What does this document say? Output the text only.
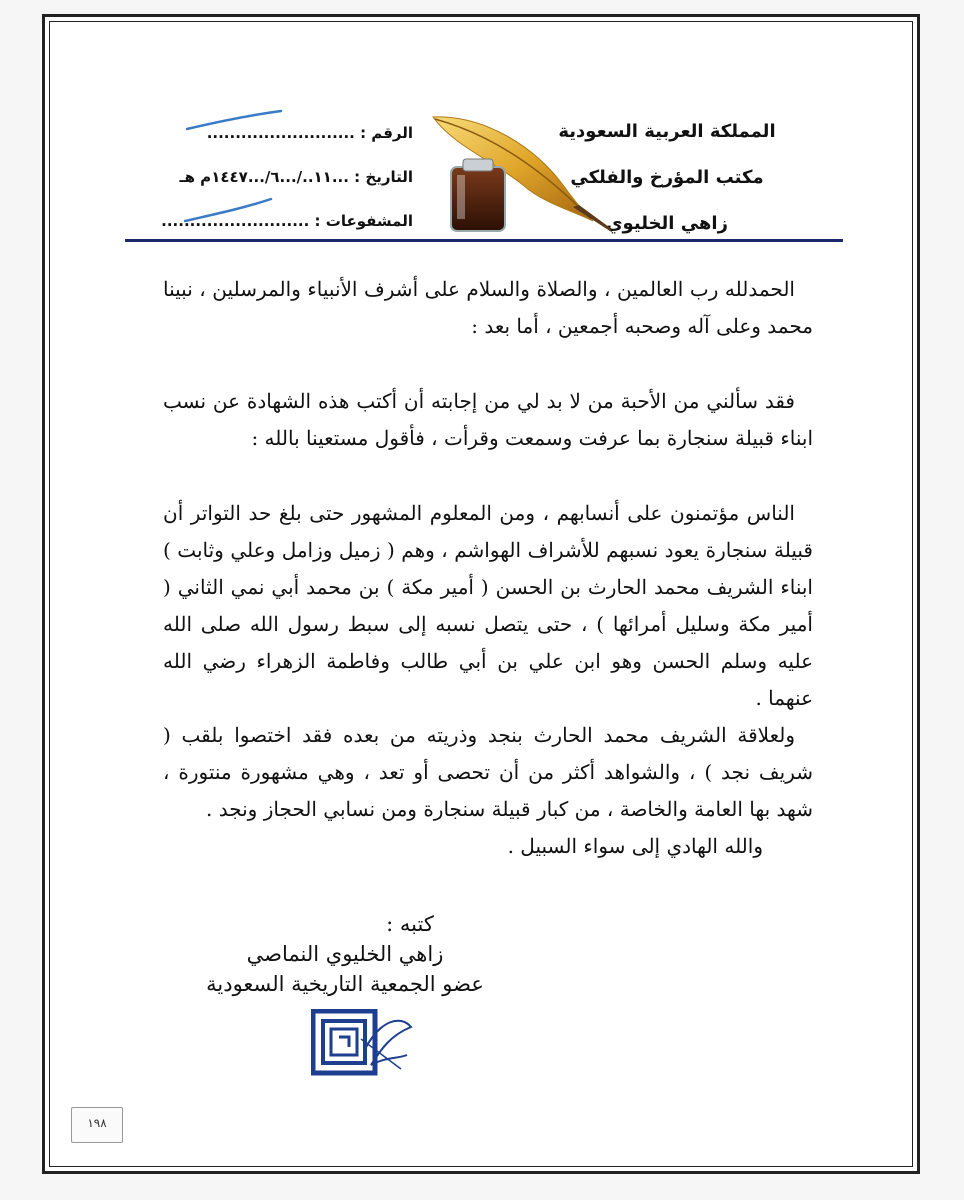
المملكة العربية السعودية
مكتب المؤرخ والفلكي
زاهي الخليوي
الرقم : ..........................
التاريخ : ...١١../...٦/...١٤٤٧م هـ
المشفوعات : ..........................

الحمدلله رب العالمين ، والصلاة والسلام على أشرف الأنبياء والمرسلين ، نبينا محمد وعلى آله وصحبه أجمعين ، أما بعد :

فقد سألني من الأحبة من لا بد لي من إجابته أن أكتب هذه الشهادة عن نسب ابناء قبيلة سنجارة بما عرفت وسمعت وقرأت ، فأقول مستعينا بالله :

الناس مؤتمنون على أنسابهم ، ومن المعلوم المشهور حتى بلغ حد التواتر أن قبيلة سنجارة يعود نسبهم للأشراف الهواشم ، وهم ( زميل وزامل وعلي وثابت ) ابناء الشريف محمد الحارث بن الحسن ( أمير مكة ) بن محمد أبي نمي الثاني ( أمير مكة وسليل أمرائها ) ، حتى يتصل نسبه إلى سبط رسول الله صلى الله عليه وسلم الحسن وهو ابن علي بن أبي طالب وفاطمة الزهراء رضي الله عنهما .

ولعلاقة الشريف محمد الحارث بنجد وذريته من بعده فقد اختصوا بلقب ( شريف نجد ) ، والشواهد أكثر من أن تحصى أو تعد ، وهي مشهورة منتورة ، شهد بها العامة والخاصة ، من كبار قبيلة سنجارة ومن نسابي الحجاز ونجد .

والله الهادي إلى سواء السبيل .

كتبه :
زاهي الخليوي النماصي
عضو الجمعية التاريخية السعودية
١٩٨
